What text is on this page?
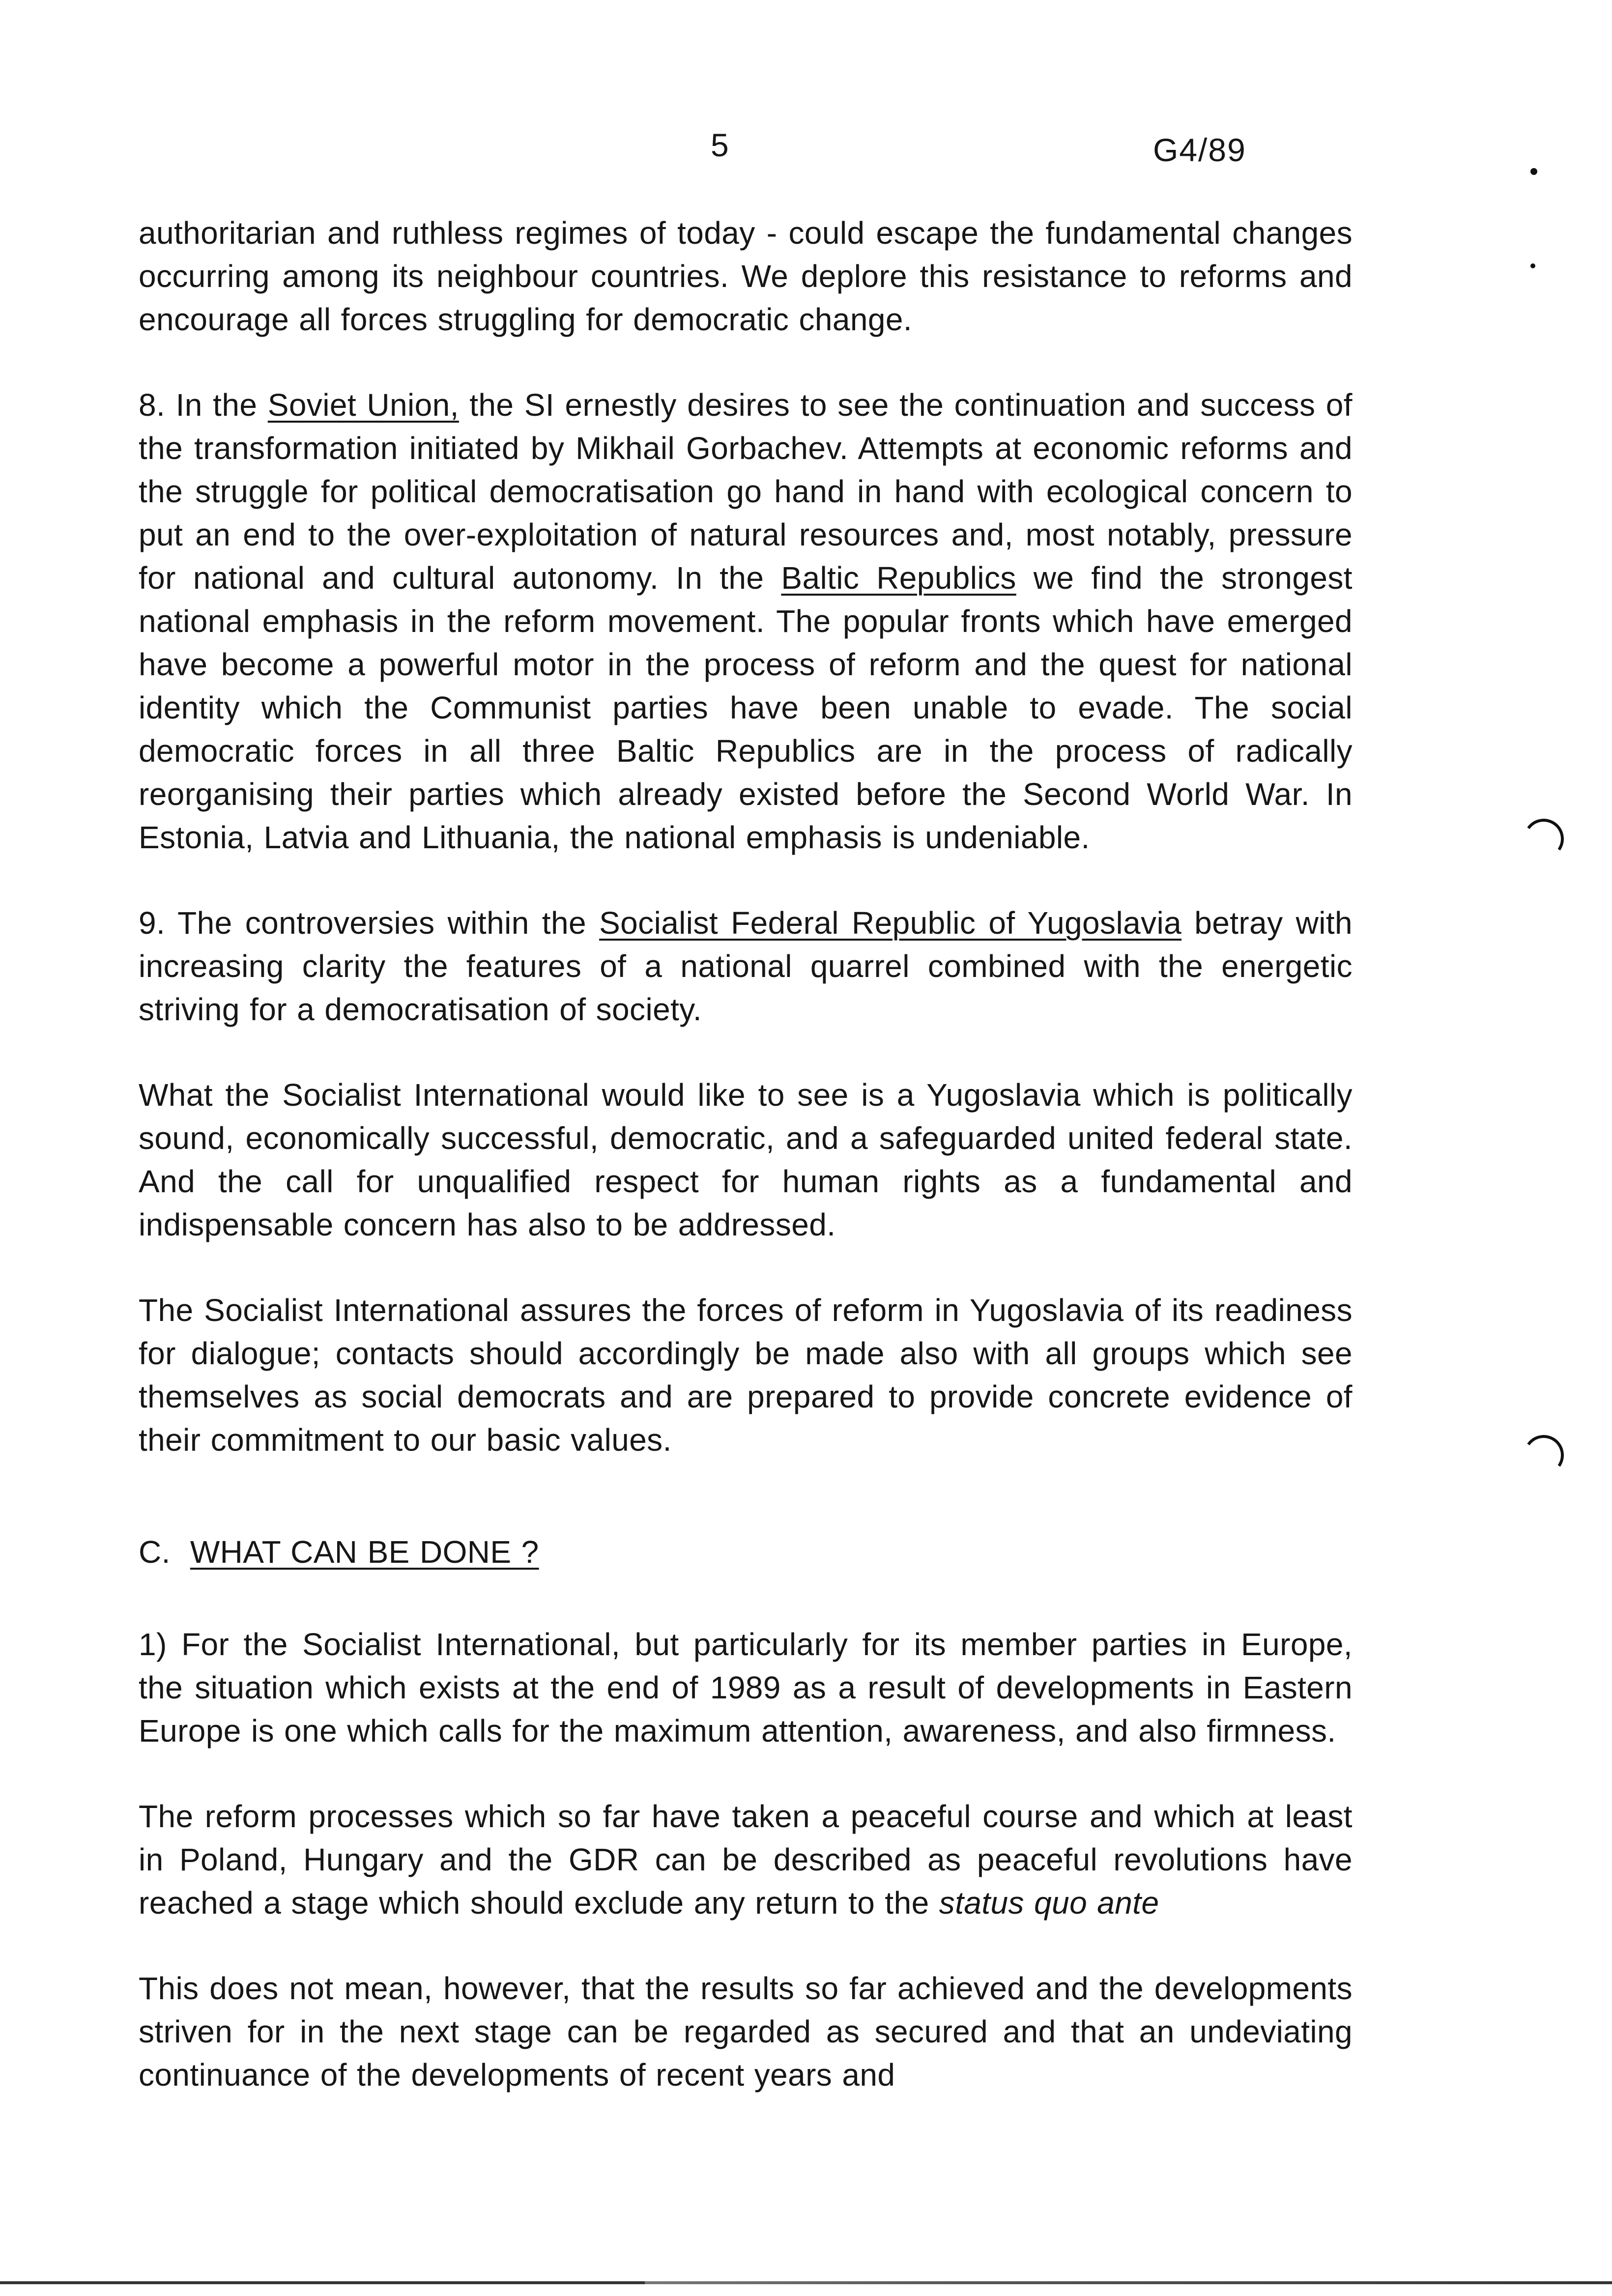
5	G4/89

authoritarian and ruthless regimes of today - could escape the fundamental changes occurring among its neighbour countries. We deplore this resistance to reforms and encourage all forces struggling for democratic change.

8. In the Soviet Union, the SI ernestly desires to see the continuation and success of the transformation initiated by Mikhail Gorbachev. Attempts at economic reforms and the struggle for political democratisation go hand in hand with ecological concern to put an end to the over-exploitation of natural resources and, most notably, pressure for national and cultural autonomy. In the Baltic Republics we find the strongest national emphasis in the reform movement. The popular fronts which have emerged have become a powerful motor in the process of reform and the quest for national identity which the Communist parties have been unable to evade. The social democratic forces in all three Baltic Republics are in the process of radically reorganising their parties which already existed before the Second World War. In Estonia, Latvia and Lithuania, the national emphasis is undeniable.

9. The controversies within the Socialist Federal Republic of Yugoslavia betray with increasing clarity the features of a national quarrel combined with the energetic striving for a democratisation of society.

What the Socialist International would like to see is a Yugoslavia which is politically sound, economically successful, democratic, and a safeguarded united federal state. And the call for unqualified respect for human rights as a fundamental and indispensable concern has also to be addressed.

The Socialist International assures the forces of reform in Yugoslavia of its readiness for dialogue; contacts should accordingly be made also with all groups which see themselves as social democrats and are prepared to provide concrete evidence of their commitment to our basic values.

C. WHAT CAN BE DONE ?

1) For the Socialist International, but particularly for its member parties in Europe, the situation which exists at the end of 1989 as a result of developments in Eastern Europe is one which calls for the maximum attention, awareness, and also firmness.

The reform processes which so far have taken a peaceful course and which at least in Poland, Hungary and the GDR can be described as peaceful revolutions have reached a stage which should exclude any return to the status quo ante

This does not mean, however, that the results so far achieved and the developments striven for in the next stage can be regarded as secured and that an undeviating continuance of the developments of recent years and
